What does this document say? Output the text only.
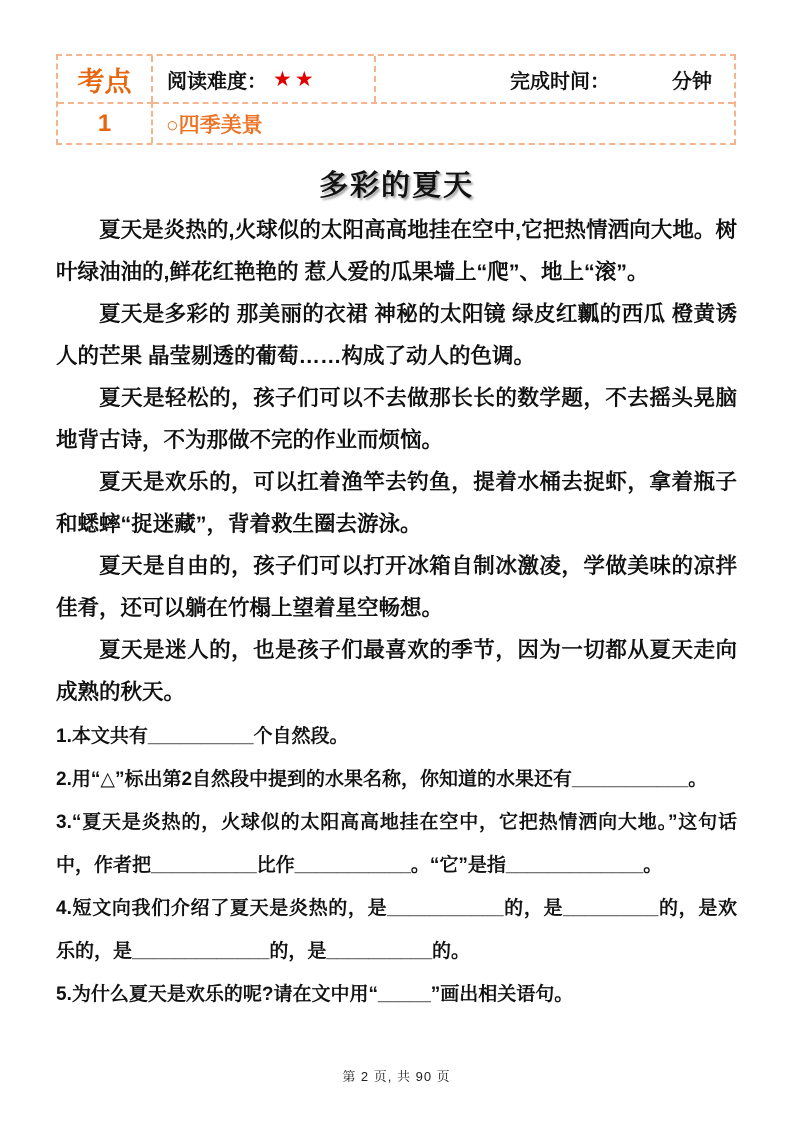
考点	阅读难度： ★★	完成时间：	分钟
1	○四季美景
多彩的夏天

夏天是炎热的,火球似的太阳高高地挂在空中,它把热情洒向大地。树叶绿油油的,鲜花红艳艳的 惹人爱的瓜果墙上“爬”、地上“滚”。

夏天是多彩的 那美丽的衣裙 神秘的太阳镜 绿皮红瓤的西瓜 橙黄诱人的芒果 晶莹剔透的葡萄……构成了动人的色调。

夏天是轻松的，孩子们可以不去做那长长的数学题，不去摇头晃脑地背古诗，不为那做不完的作业而烦恼。

夏天是欢乐的，可以扛着渔竿去钓鱼，提着水桶去捉虾，拿着瓶子和蟋蟀“捉迷藏”，背着救生圈去游泳。

夏天是自由的，孩子们可以打开冰箱自制冰激凌，学做美味的凉拌佳肴，还可以躺在竹榻上望着星空畅想。

夏天是迷人的，也是孩子们最喜欢的季节，因为一切都从夏天走向成熟的秋天。

1.本文共有__________个自然段。

2.用“△”标出第2自然段中提到的水果名称，你知道的水果还有___________。

3.“夏天是炎热的，火球似的太阳高高地挂在空中，它把热情洒向大地。”这句话中，作者把__________比作___________。“它”是指_____________。

4.短文向我们介绍了夏天是炎热的，是___________的，是_________的，是欢乐的，是_____________的，是__________的。

5.为什么夏天是欢乐的呢?请在文中用“_____”画出相关语句。

第 2 页, 共 90 页
